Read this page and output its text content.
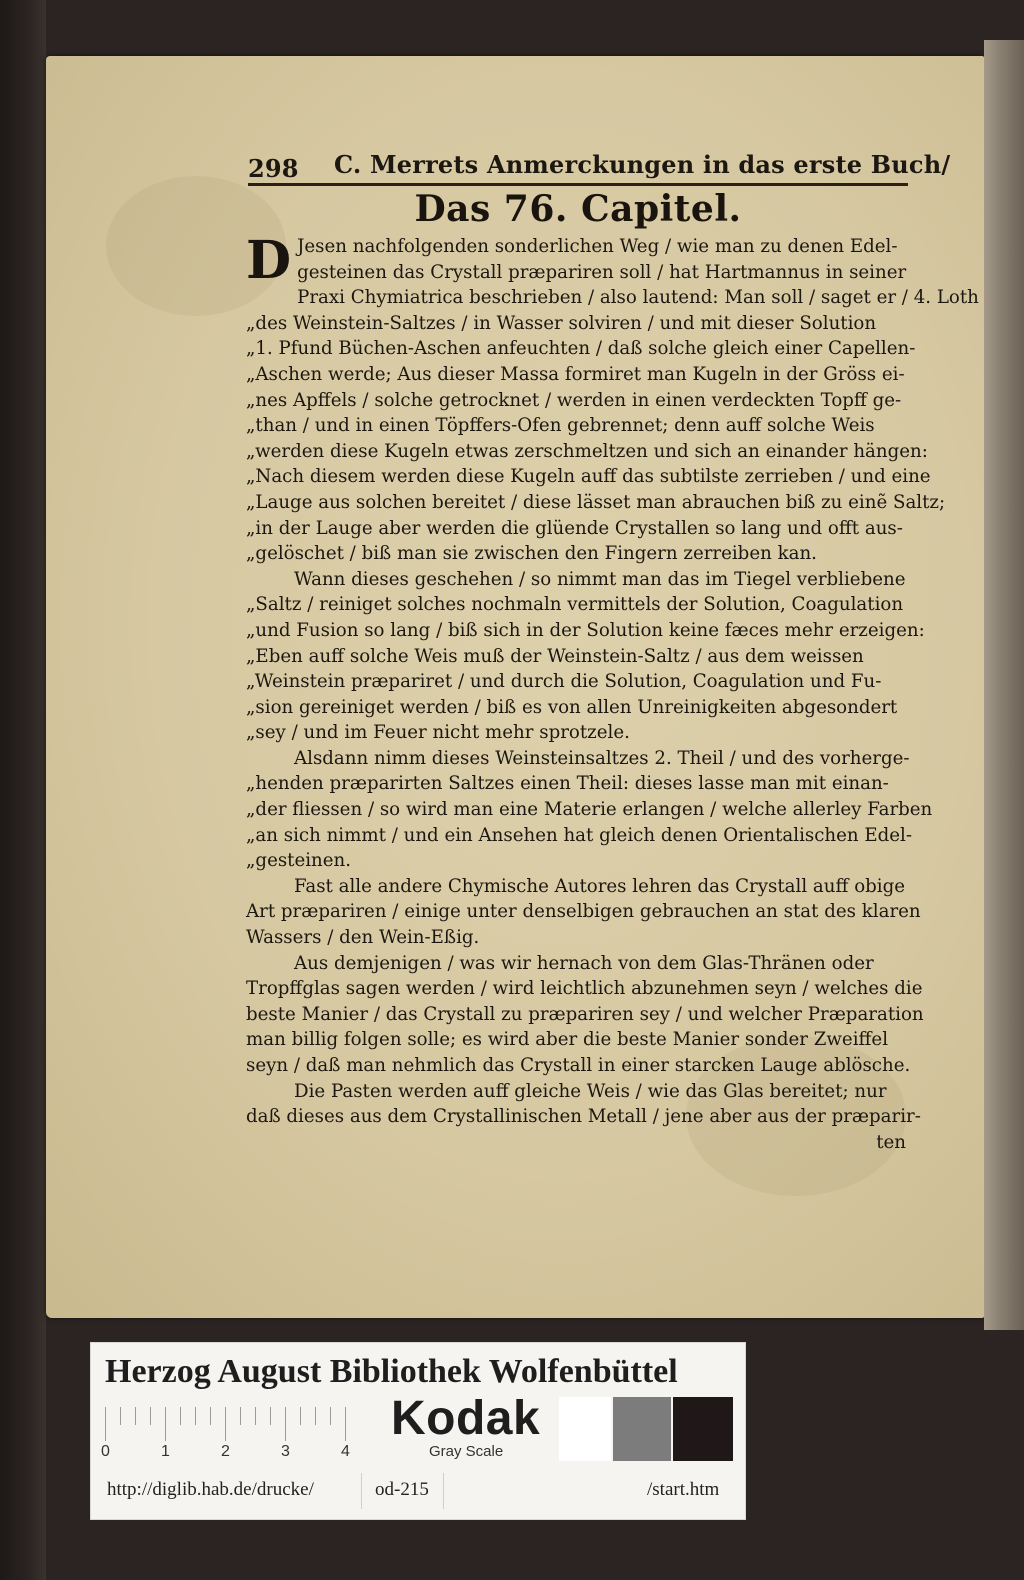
298 C. Merrets Anmerckungen in das erste Buch/
Das 76. Capitel.
D Jesen nachfolgenden sonderlichen Weg / wie man zu denen Edel-
gesteinen das Crystall præpariren soll / hat Hartmannus in seiner
Praxi Chymiatrica beschrieben / also lautend: Man soll / saget er / 4. Loth
„des Weinstein-Saltzes / in Wasser solviren / und mit dieser Solution
„1. Pfund Büchen-Aschen anfeuchten / daß solche gleich einer Capellen-
„Aschen werde; Aus dieser Massa formiret man Kugeln in der Gröss ei-
„nes Apffels / solche getrocknet / werden in einen verdeckten Topff ge-
„than / und in einen Töpffers-Ofen gebrennet; denn auff solche Weis
„werden diese Kugeln etwas zerschmeltzen und sich an einander hängen:
„Nach diesem werden diese Kugeln auff das subtilste zerrieben / und eine
„Lauge aus solchen bereitet / diese lässet man abrauchen biß zu einẽ Saltz;
„in der Lauge aber werden die glüende Crystallen so lang und offt aus-
„gelöschet / biß man sie zwischen den Fingern zerreiben kan.
Wann dieses geschehen / so nimmt man das im Tiegel verbliebene
„Saltz / reiniget solches nochmaln vermittels der Solution, Coagulation
„und Fusion so lang / biß sich in der Solution keine fæces mehr erzeigen:
„Eben auff solche Weis muß der Weinstein-Saltz / aus dem weissen
„Weinstein præpariret / und durch die Solution, Coagulation und Fu-
„sion gereiniget werden / biß es von allen Unreinigkeiten abgesondert
„sey / und im Feuer nicht mehr sprotzele.
Alsdann nimm dieses Weinsteinsaltzes 2. Theil / und des vorherge-
„henden præparirten Saltzes einen Theil: dieses lasse man mit einan-
„der fliessen / so wird man eine Materie erlangen / welche allerley Farben
„an sich nimmt / und ein Ansehen hat gleich denen Orientalischen Edel-
„gesteinen.
Fast alle andere Chymische Autores lehren das Crystall auff obige
Art præpariren / einige unter denselbigen gebrauchen an stat des klaren
Wassers / den Wein-Eßig.
Aus demjenigen / was wir hernach von dem Glas-Thränen oder
Tropffglas sagen werden / wird leichtlich abzunehmen seyn / welches die
beste Manier / das Crystall zu præpariren sey / und welcher Præparation
man billig folgen solle; es wird aber die beste Manier sonder Zweiffel
seyn / daß man nehmlich das Crystall in einer starcken Lauge ablösche.
Die Pasten werden auff gleiche Weis / wie das Glas bereitet; nur
daß dieses aus dem Crystallinischen Metall / jene aber aus der præparir-
ten
Herzog August Bibliothek Wolfenbüttel
0	1	2	3	4
Kodak
Gray Scale
http://diglib.hab.de/drucke/	od-215	/start.htm
